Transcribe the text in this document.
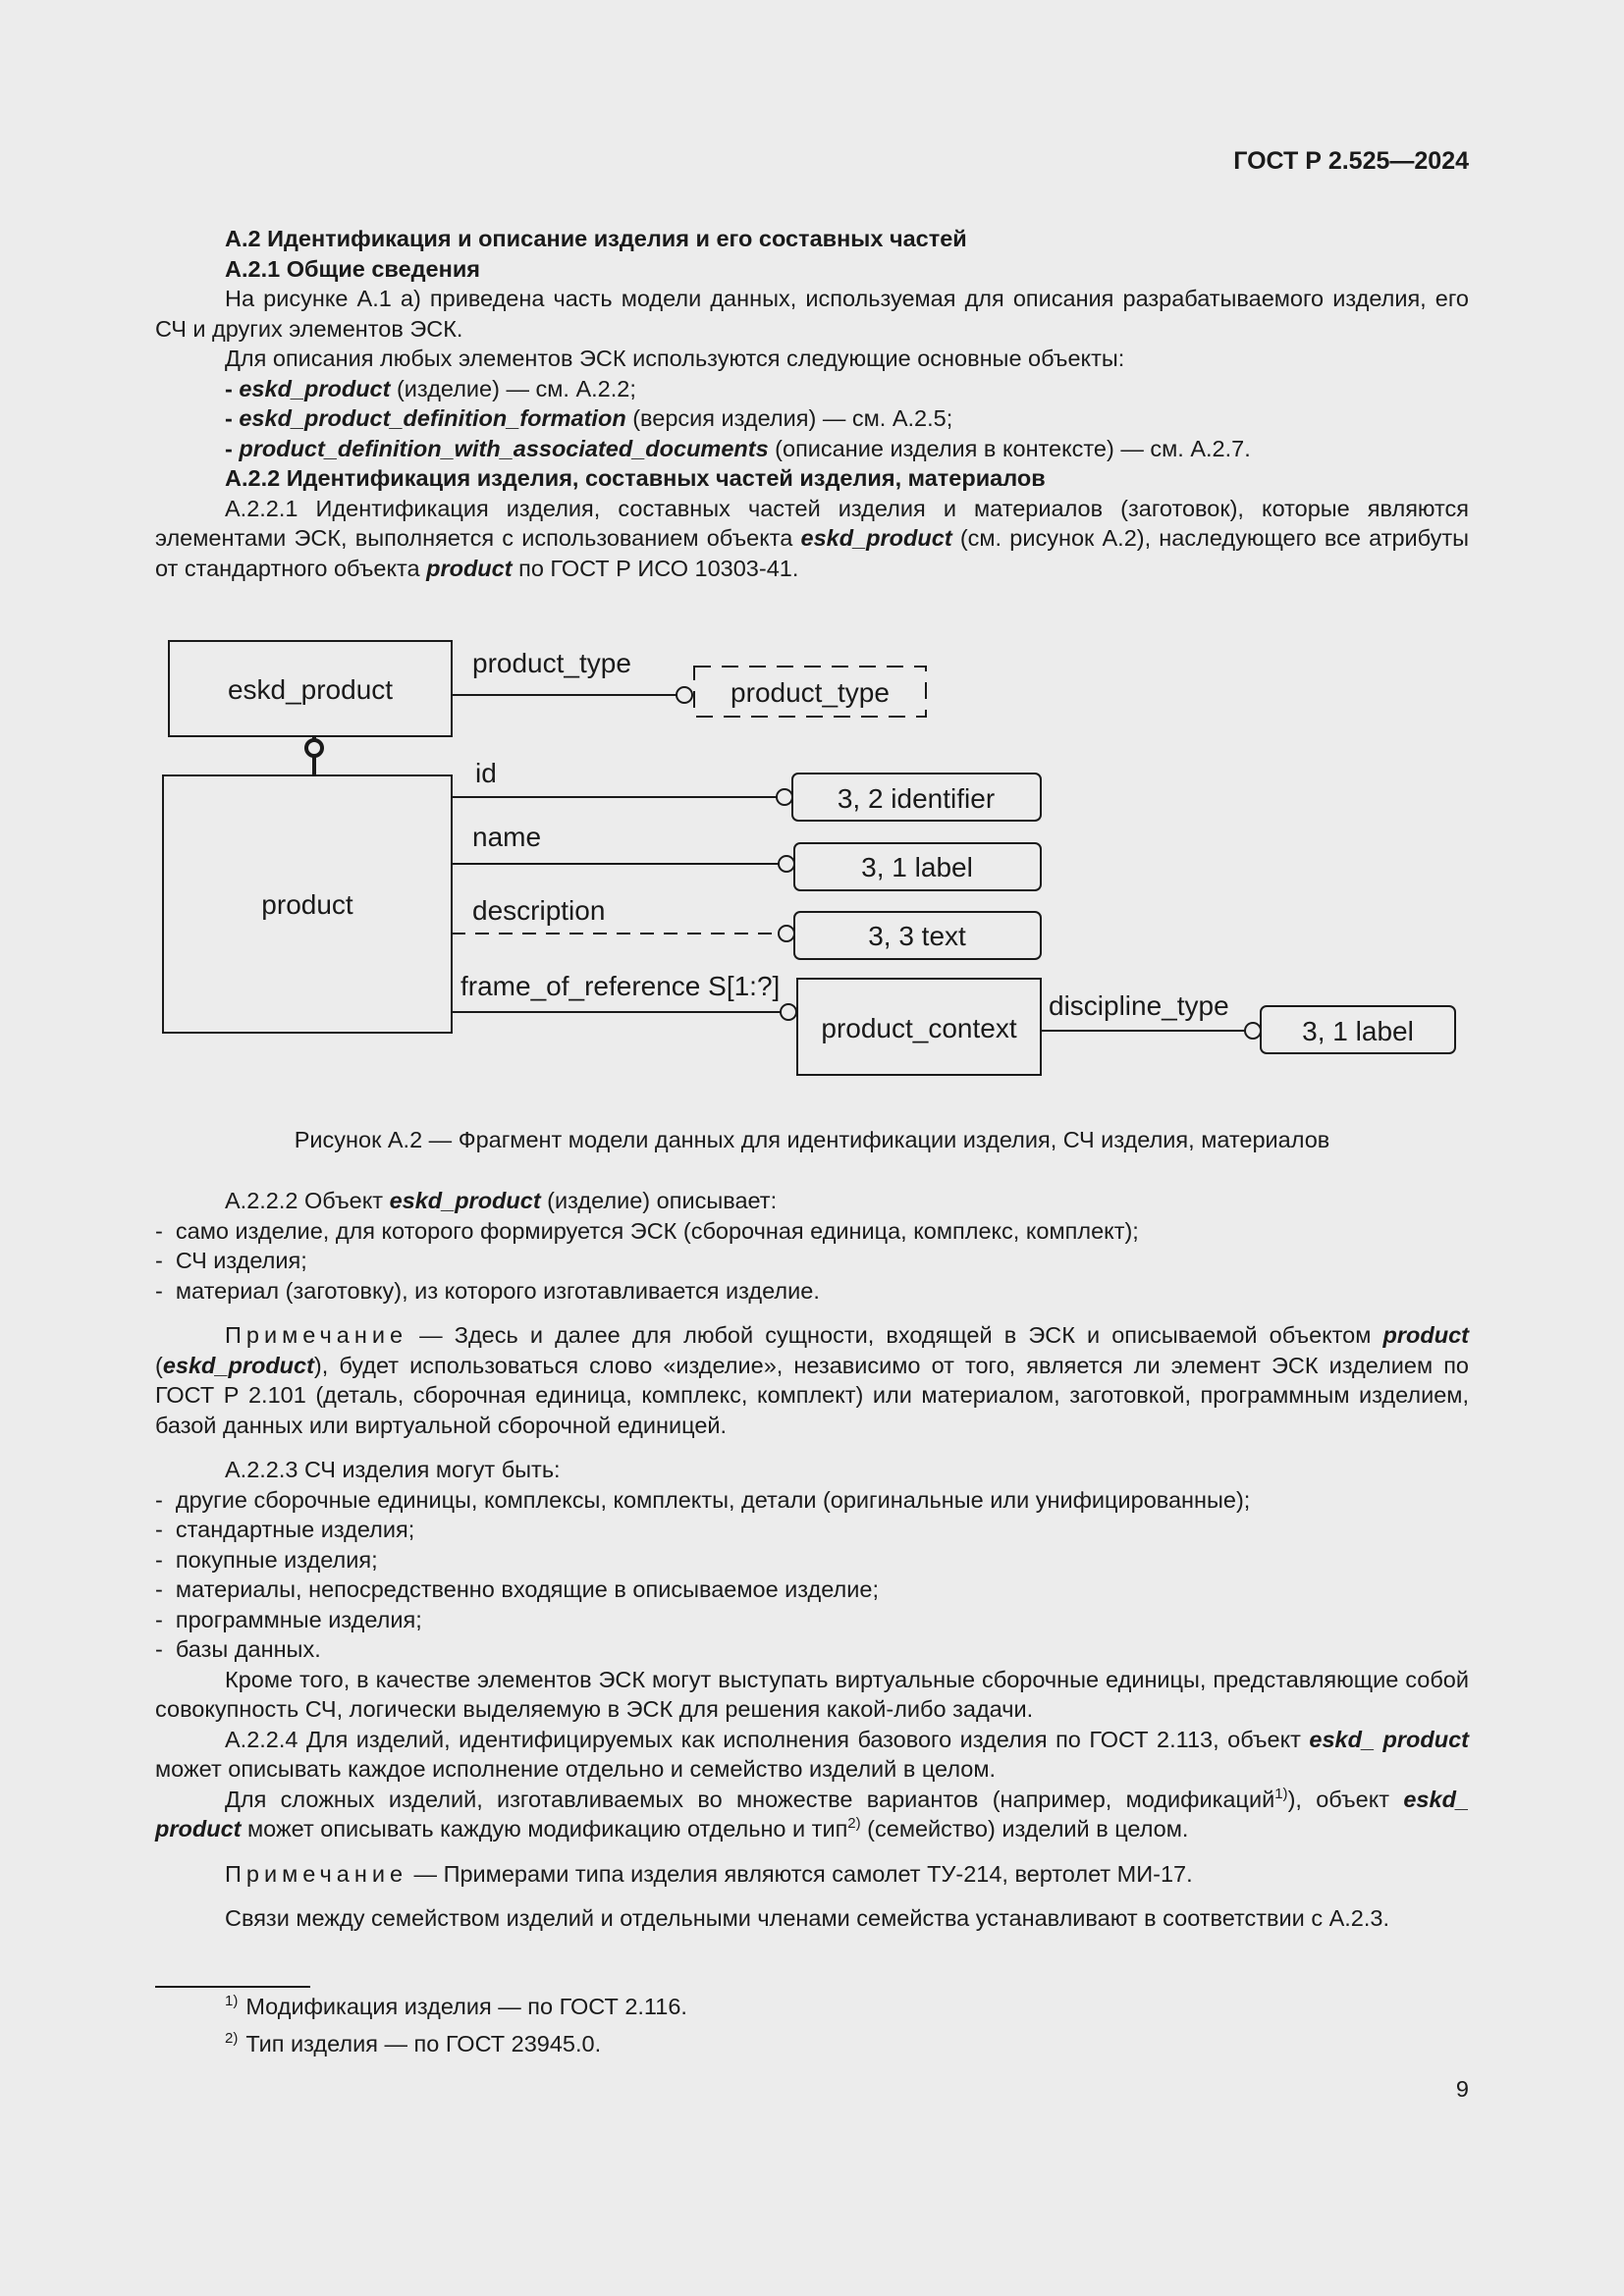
ГОСТ Р 2.525—2024

А.2 Идентификация и описание изделия и его составных частей

А.2.1 Общие сведения

На рисунке А.1 а) приведена часть модели данных, используемая для описания разрабатываемого изделия, его СЧ и других элементов ЭСК.

Для описания любых элементов ЭСК используются следующие основные объекты:

- eskd_product (изделие) — см. А.2.2;

- eskd_product_definition_formation (версия изделия) — см. А.2.5;

- product_definition_with_associated_documents (описание изделия в контексте) — см. А.2.7.

А.2.2 Идентификация изделия, составных частей изделия, материалов

А.2.2.1 Идентификация изделия, составных частей изделия и материалов (заготовок), которые являются элементами ЭСК, выполняется с использованием объекта eskd_product (см. рисунок А.2), наследующего все атрибуты от стандартного объекта product по ГОСТ Р ИСО 10303-41.

eskd_product
product
product_type
product_type
id
3, 2 identifier
name
3, 1 label
description
3, 3 text
frame_of_reference S[1:?]
product_context
discipline_type
3, 1 label
Рисунок А.2 — Фрагмент модели данных для идентификации изделия, СЧ изделия, материалов

А.2.2.2 Объект eskd_product (изделие) описывает:

-  само изделие, для которого формируется ЭСК (сборочная единица, комплекс, комплект);

-  СЧ изделия;

-  материал (заготовку), из которого изготавливается изделие.

Примечание — Здесь и далее для любой сущности, входящей в ЭСК и описываемой объектом product (eskd_product), будет использоваться слово «изделие», независимо от того, является ли элемент ЭСК изделием по ГОСТ Р 2.101 (деталь, сборочная единица, комплекс, комплект) или материалом, заготовкой, программным изделием, базой данных или виртуальной сборочной единицей.

А.2.2.3 СЧ изделия могут быть:

-  другие сборочные единицы, комплексы, комплекты, детали (оригинальные или унифицированные);

-  стандартные изделия;

-  покупные изделия;

-  материалы, непосредственно входящие в описываемое изделие;

-  программные изделия;

-  базы данных.

Кроме того, в качестве элементов ЭСК могут выступать виртуальные сборочные единицы, представляющие собой совокупность СЧ, логически выделяемую в ЭСК для решения какой-либо задачи.

А.2.2.4 Для изделий, идентифицируемых как исполнения базового изделия по ГОСТ 2.113, объект eskd_ product может описывать каждое исполнение отдельно и семейство изделий в целом.

Для сложных изделий, изготавливаемых во множестве вариантов (например, модификаций$^{1)}$), объект eskd_ product может описывать каждую модификацию отдельно и тип$^{2)}$ (семейство) изделий в целом.

Примечание — Примерами типа изделия являются самолет ТУ-214, вертолет МИ-17.

Связи между семейством изделий и отдельными членами семейства устанавливают в соответствии с А.2.3.

$^{1)}$ Модификация изделия — по ГОСТ 2.116.
$^{2)}$ Тип изделия — по ГОСТ 23945.0.
9
